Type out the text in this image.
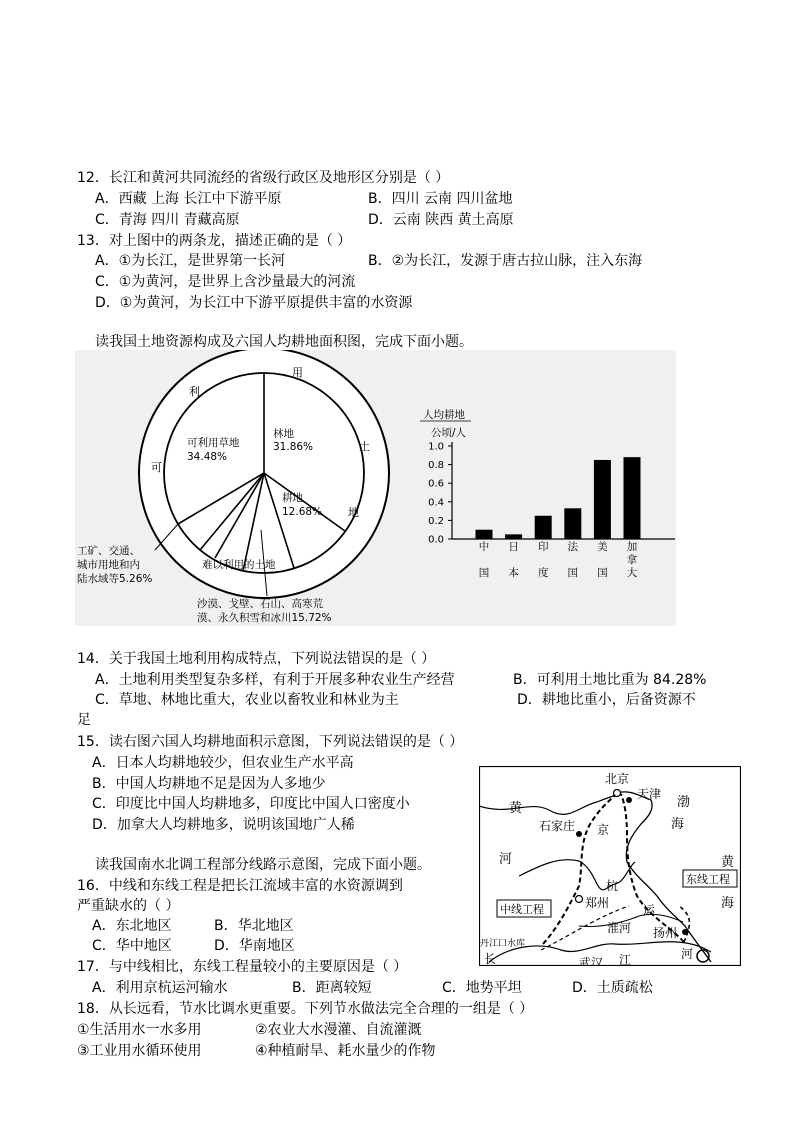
12．长江和黄河共同流经的省级行政区及地形区分别是（ ）
A．西藏 上海 长江中下游平原	B．四川 云南 四川盆地
C．青海 四川 青藏高原	D．云南 陕西 黄土高原
13．对上图中的两条龙，描述正确的是（ ）
A．①为长江，是世界第一长河	B．②为长江，发源于唐古拉山脉，注入东海
C．①为黄河，是世界上含沙量最大的河流
D．①为黄河，为长江中下游平原提供丰富的水资源
读我国土地资源构成及六国人均耕地面积图，完成下面小题。
利
用
土
地
可
可利用草地
34.48%
林地
31.86%
耕地
12.68%
难以利用的土地
工矿、交通、
城市用地和内
陆水域等5.26%
沙漠、戈壁、石山、高寒荒
漠、永久积雪和冰川15.72%
人均耕地
公顷/人
0.0
0.2
0.4
0.6
0.8
1.0
中国
日本
印度
法国
美国
加拿大
14．关于我国土地利用构成特点，下列说法错误的是（ ）
A．土地利用类型复杂多样，有利于开展多种农业生产经营	B．可利用土地比重为 84.28%
C．草地、林地比重大，农业以畜牧业和林业为主	D．耕地比重小，后备资源不
足
15．读右图六国人均耕地面积示意图，下列说法错误的是（ ）
A．日本人均耕地较少，但农业生产水平高
B．中国人均耕地不足是因为人多地少
C．印度比中国人均耕地多，印度比中国人口密度小
D．加拿大人均耕地多，说明该国地广人稀
读我国南水北调工程部分线路示意图，完成下面小题。
16．中线和东线工程是把长江流域丰富的水资源调到
严重缺水的（ ）
A．东北地区	B．华北地区
C．华中地区	D．华南地区
北京
天津
石家庄
郑州
扬州
武汉
丹江口水库
淮河
中线工程
东线工程
渤
海
黄
海
黄
河
京
杭
运
河
长	江
17．与中线相比，东线工程量较小的主要原因是（ ）
A．利用京杭运河输水	B．距离较短	C．地势平坦	D．土质疏松
18．从长远看，节水比调水更重要。下列节水做法完全合理的一组是（ ）
①生活用水一水多用	②农业大水漫灌、自流灌溉
③工业用水循环使用	④种植耐旱、耗水量少的作物
